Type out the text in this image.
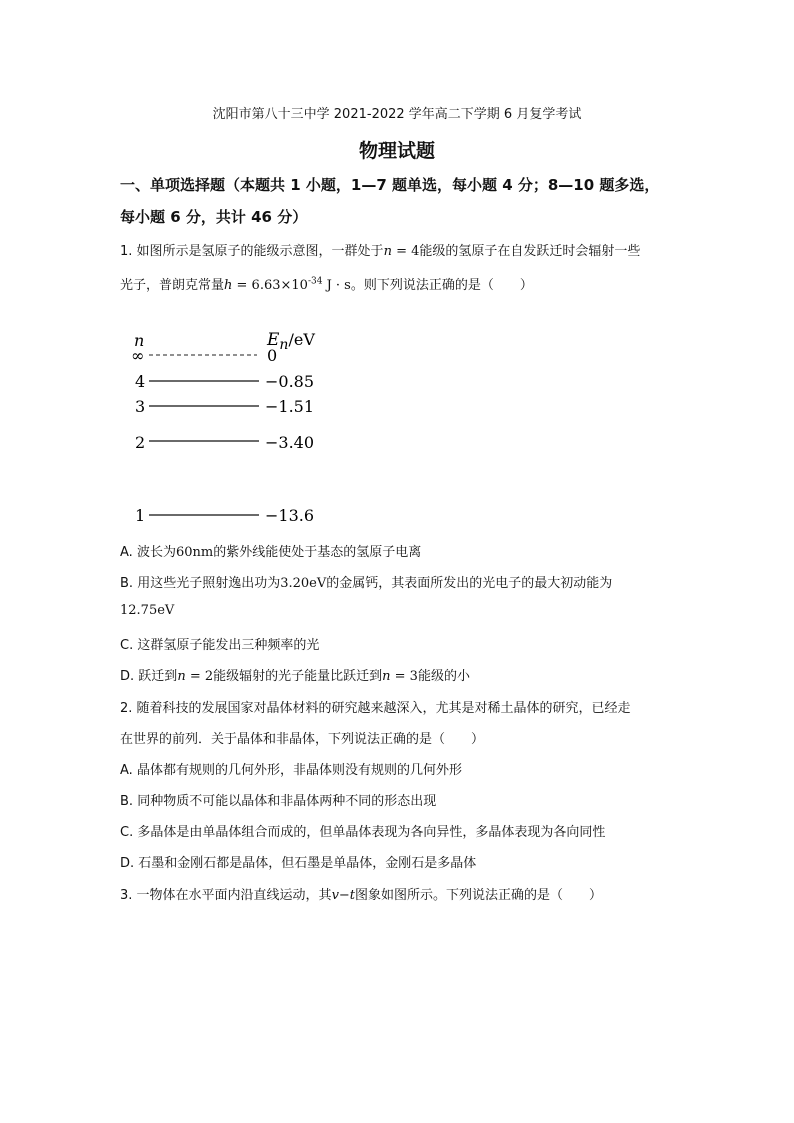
沈阳市第八十三中学 2021-2022 学年高二下学期 6 月复学考试
物理试题
一、单项选择题（本题共 1 小题，1—7 题单选，每小题 4 分；8—10 题多选，
每小题 6 分，共计 46 分）
1. 如图所示是氢原子的能级示意图，一群处于n = 4能级的氢原子在自发跃迁时会辐射一些
光子，普朗克常量$h = 6.63\times 10^{-34}$ J · s。则下列说法正确的是（　　）
n	$E_n/eV$
∞	0
4	−0.85
3	−1.51
2	−3.40
1	−13.6
A. 波长为60nm的紫外线能使处于基态的氢原子电离
B. 用这些光子照射逸出功为3.20eV的金属钙，其表面所发出的光电子的最大初动能为
12.75eV
C. 这群氢原子能发出三种频率的光
D. 跃迁到n = 2能级辐射的光子能量比跃迁到n = 3能级的小
2. 随着科技的发展国家对晶体材料的研究越来越深入，尤其是对稀土晶体的研究，已经走
在世界的前列．关于晶体和非晶体，下列说法正确的是（　　）
A. 晶体都有规则的几何外形，非晶体则没有规则的几何外形
B. 同种物质不可能以晶体和非晶体两种不同的形态出现
C. 多晶体是由单晶体组合而成的，但单晶体表现为各向异性，多晶体表现为各向同性
D. 石墨和金刚石都是晶体，但石墨是单晶体，金刚石是多晶体
3. 一物体在水平面内沿直线运动，其v−t图象如图所示。下列说法正确的是（　　）
